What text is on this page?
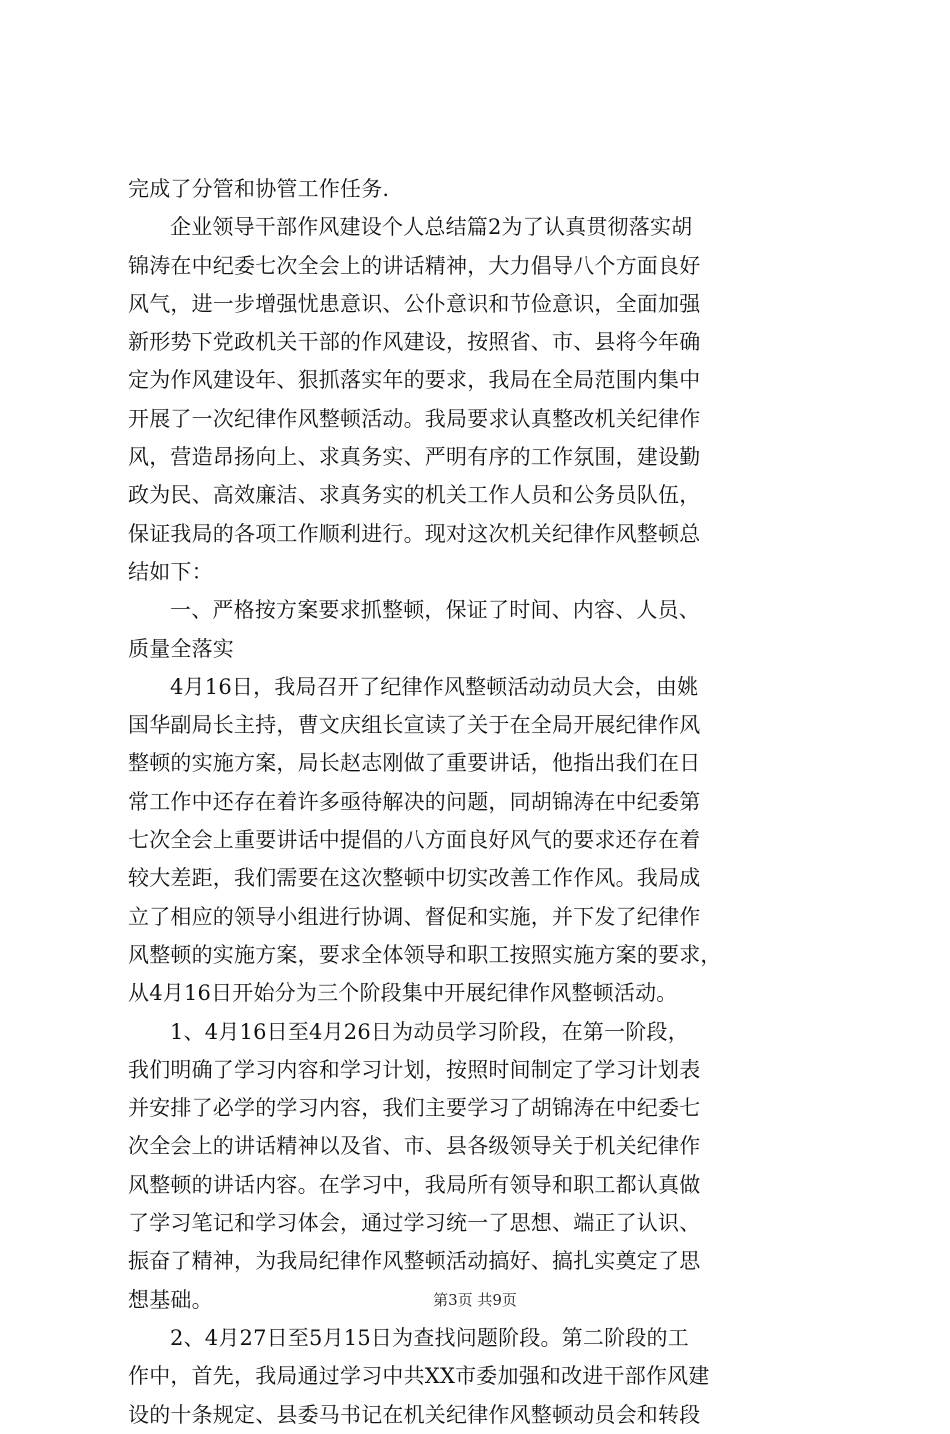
完成了分管和协管工作任务.
企业领导干部作风建设个人总结篇2为了认真贯彻落实胡
锦涛在中纪委七次全会上的讲话精神，大力倡导八个方面良好
风气，进一步增强忧患意识、公仆意识和节俭意识，全面加强
新形势下党政机关干部的作风建设，按照省、市、县将今年确
定为作风建设年、狠抓落实年的要求，我局在全局范围内集中
开展了一次纪律作风整顿活动。我局要求认真整改机关纪律作
风，营造昂扬向上、求真务实、严明有序的工作氛围，建设勤
政为民、高效廉洁、求真务实的机关工作人员和公务员队伍，
保证我局的各项工作顺利进行。现对这次机关纪律作风整顿总
结如下：
一、严格按方案要求抓整顿，保证了时间、内容、人员、
质量全落实
4月16日，我局召开了纪律作风整顿活动动员大会，由姚
国华副局长主持，曹文庆组长宣读了关于在全局开展纪律作风
整顿的实施方案，局长赵志刚做了重要讲话，他指出我们在日
常工作中还存在着许多亟待解决的问题，同胡锦涛在中纪委第
七次全会上重要讲话中提倡的八方面良好风气的要求还存在着
较大差距，我们需要在这次整顿中切实改善工作作风。我局成
立了相应的领导小组进行协调、督促和实施，并下发了纪律作
风整顿的实施方案，要求全体领导和职工按照实施方案的要求，
从4月16日开始分为三个阶段集中开展纪律作风整顿活动。
1、4月16日至4月26日为动员学习阶段，在第一阶段，
我们明确了学习内容和学习计划，按照时间制定了学习计划表
并安排了必学的学习内容，我们主要学习了胡锦涛在中纪委七
次全会上的讲话精神以及省、市、县各级领导关于机关纪律作
风整顿的讲话内容。在学习中，我局所有领导和职工都认真做
了学习笔记和学习体会，通过学习统一了思想、端正了认识、
振奋了精神，为我局纪律作风整顿活动搞好、搞扎实奠定了思
想基础。
2、4月27日至5月15日为查找问题阶段。第二阶段的工
作中，首先，我局通过学习中共XX市委加强和改进干部作风建
设的十条规定、县委马书记在机关纪律作风整顿动员会和转段
第3页 共9页
